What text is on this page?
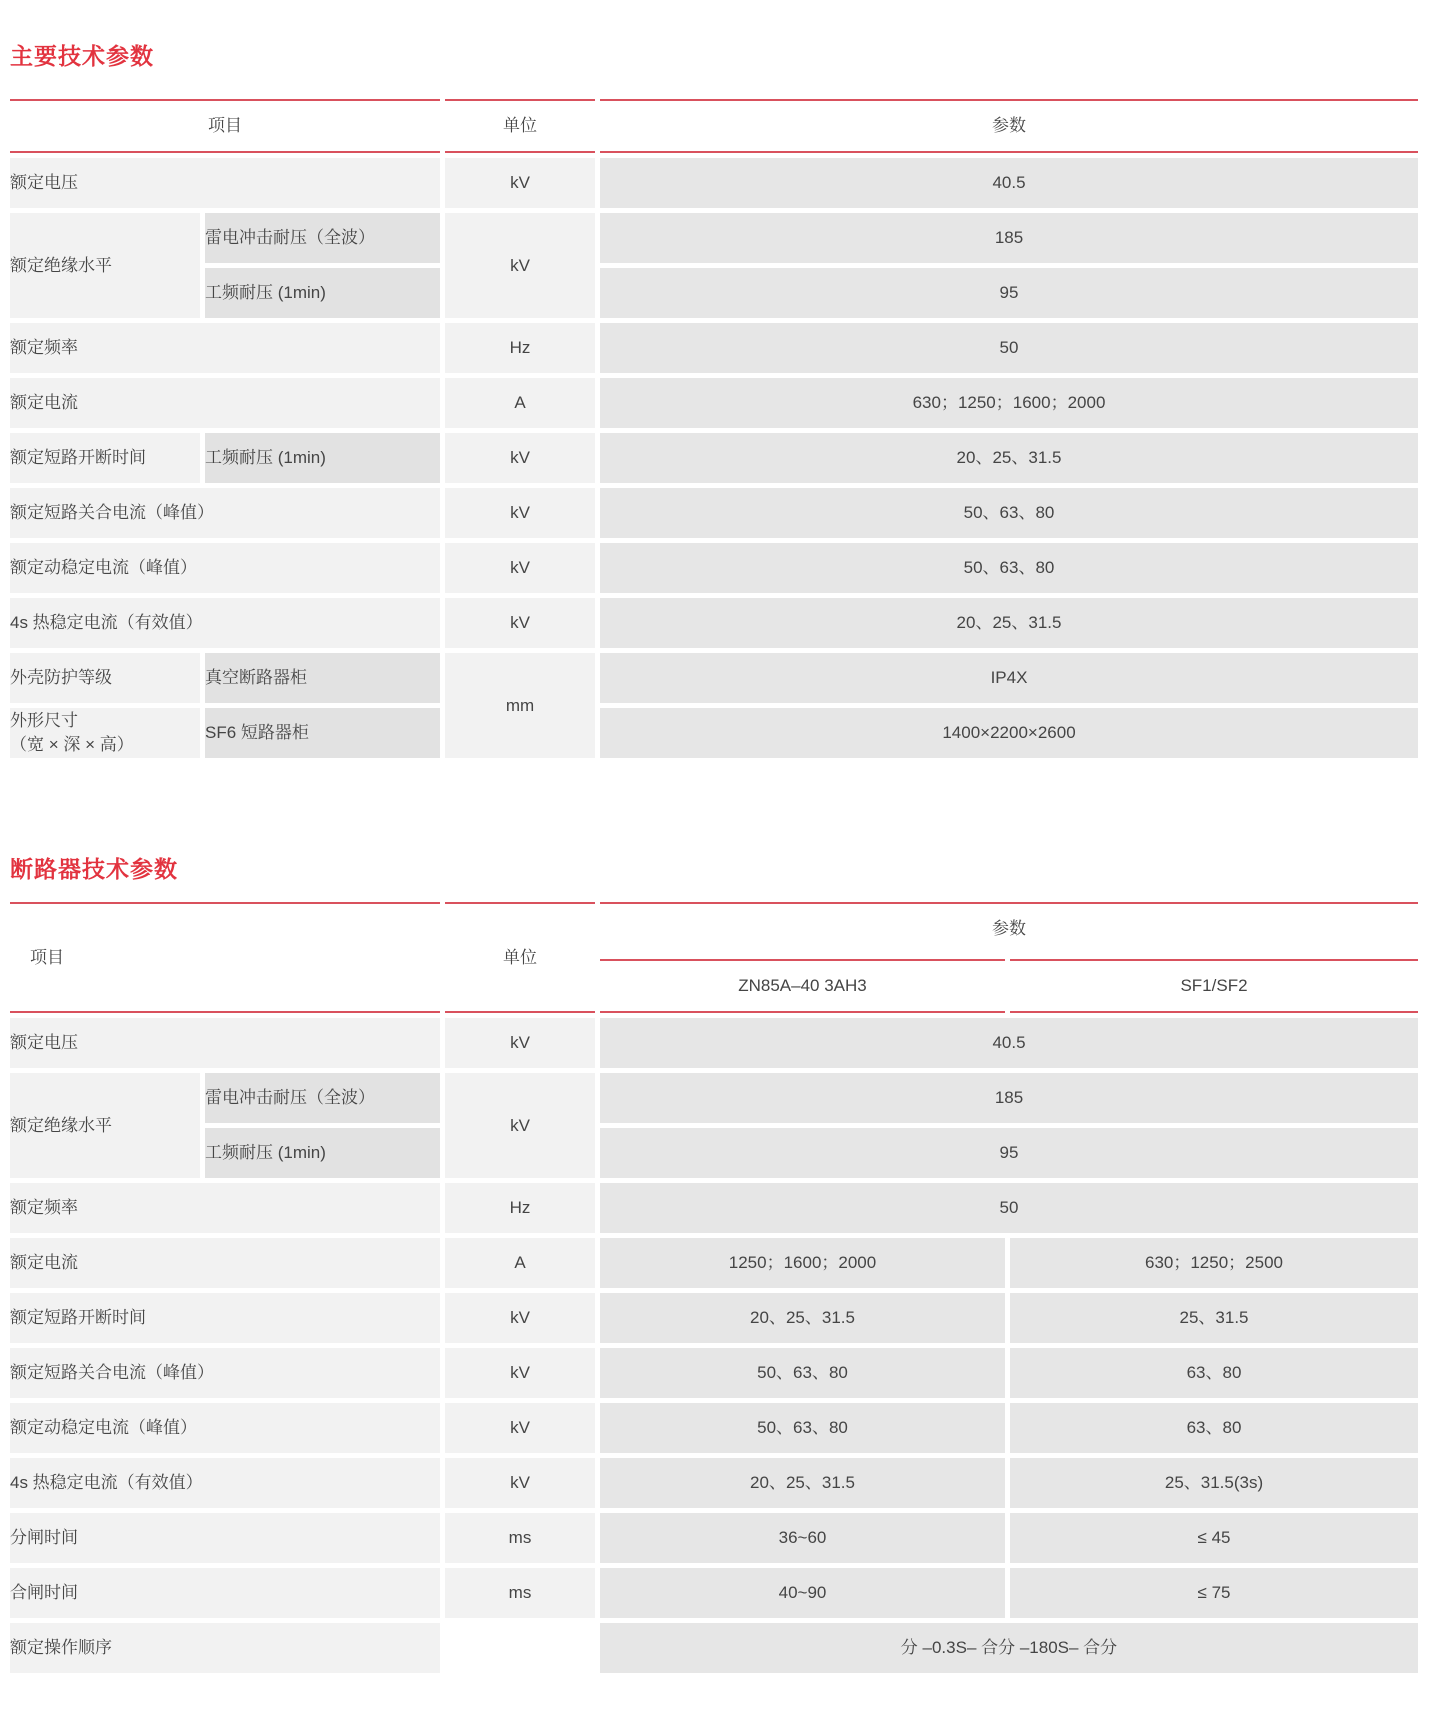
主要技术参数
项目		单位	参数
额定电压		kV	40.5
额定绝缘水平	雷电冲击耐压（全波）	kV	185
	工频耐压 (1min)		95
额定频率		Hz	50
额定电流		A	630；1250；1600；2000
额定短路开断时间	工频耐压 (1min)	kV	20、25、31.5
额定短路关合电流（峰值）		kV	50、63、80
额定动稳定电流（峰值）		kV	50、63、80
4s 热稳定电流（有效值）		kV	20、25、31.5
外壳防护等级	真空断路器柜	mm	IP4X

外形尺寸
（宽 × 深 × 高）	SF6 短路器柜		1400×2200×2600
断路器技术参数
项目		单位	参数	
			ZN85A–40 3AH3	SF1/SF2
额定电压		kV	40.5	
额定绝缘水平	雷电冲击耐压（全波）	kV	185	
	工频耐压 (1min)		95	
额定频率		Hz	50	
额定电流		A	1250；1600；2000	630；1250；2500
额定短路开断时间		kV	20、25、31.5	25、31.5
额定短路关合电流（峰值）		kV	50、63、80	63、80
额定动稳定电流（峰值）		kV	50、63、80	63、80
4s 热稳定电流（有效值）		kV	20、25、31.5	25、31.5(3s)
分闸时间		ms	36~60	≤ 45
合闸时间		ms	40~90	≤ 75
额定操作顺序			分 –0.3S– 合分 –180S– 合分	
